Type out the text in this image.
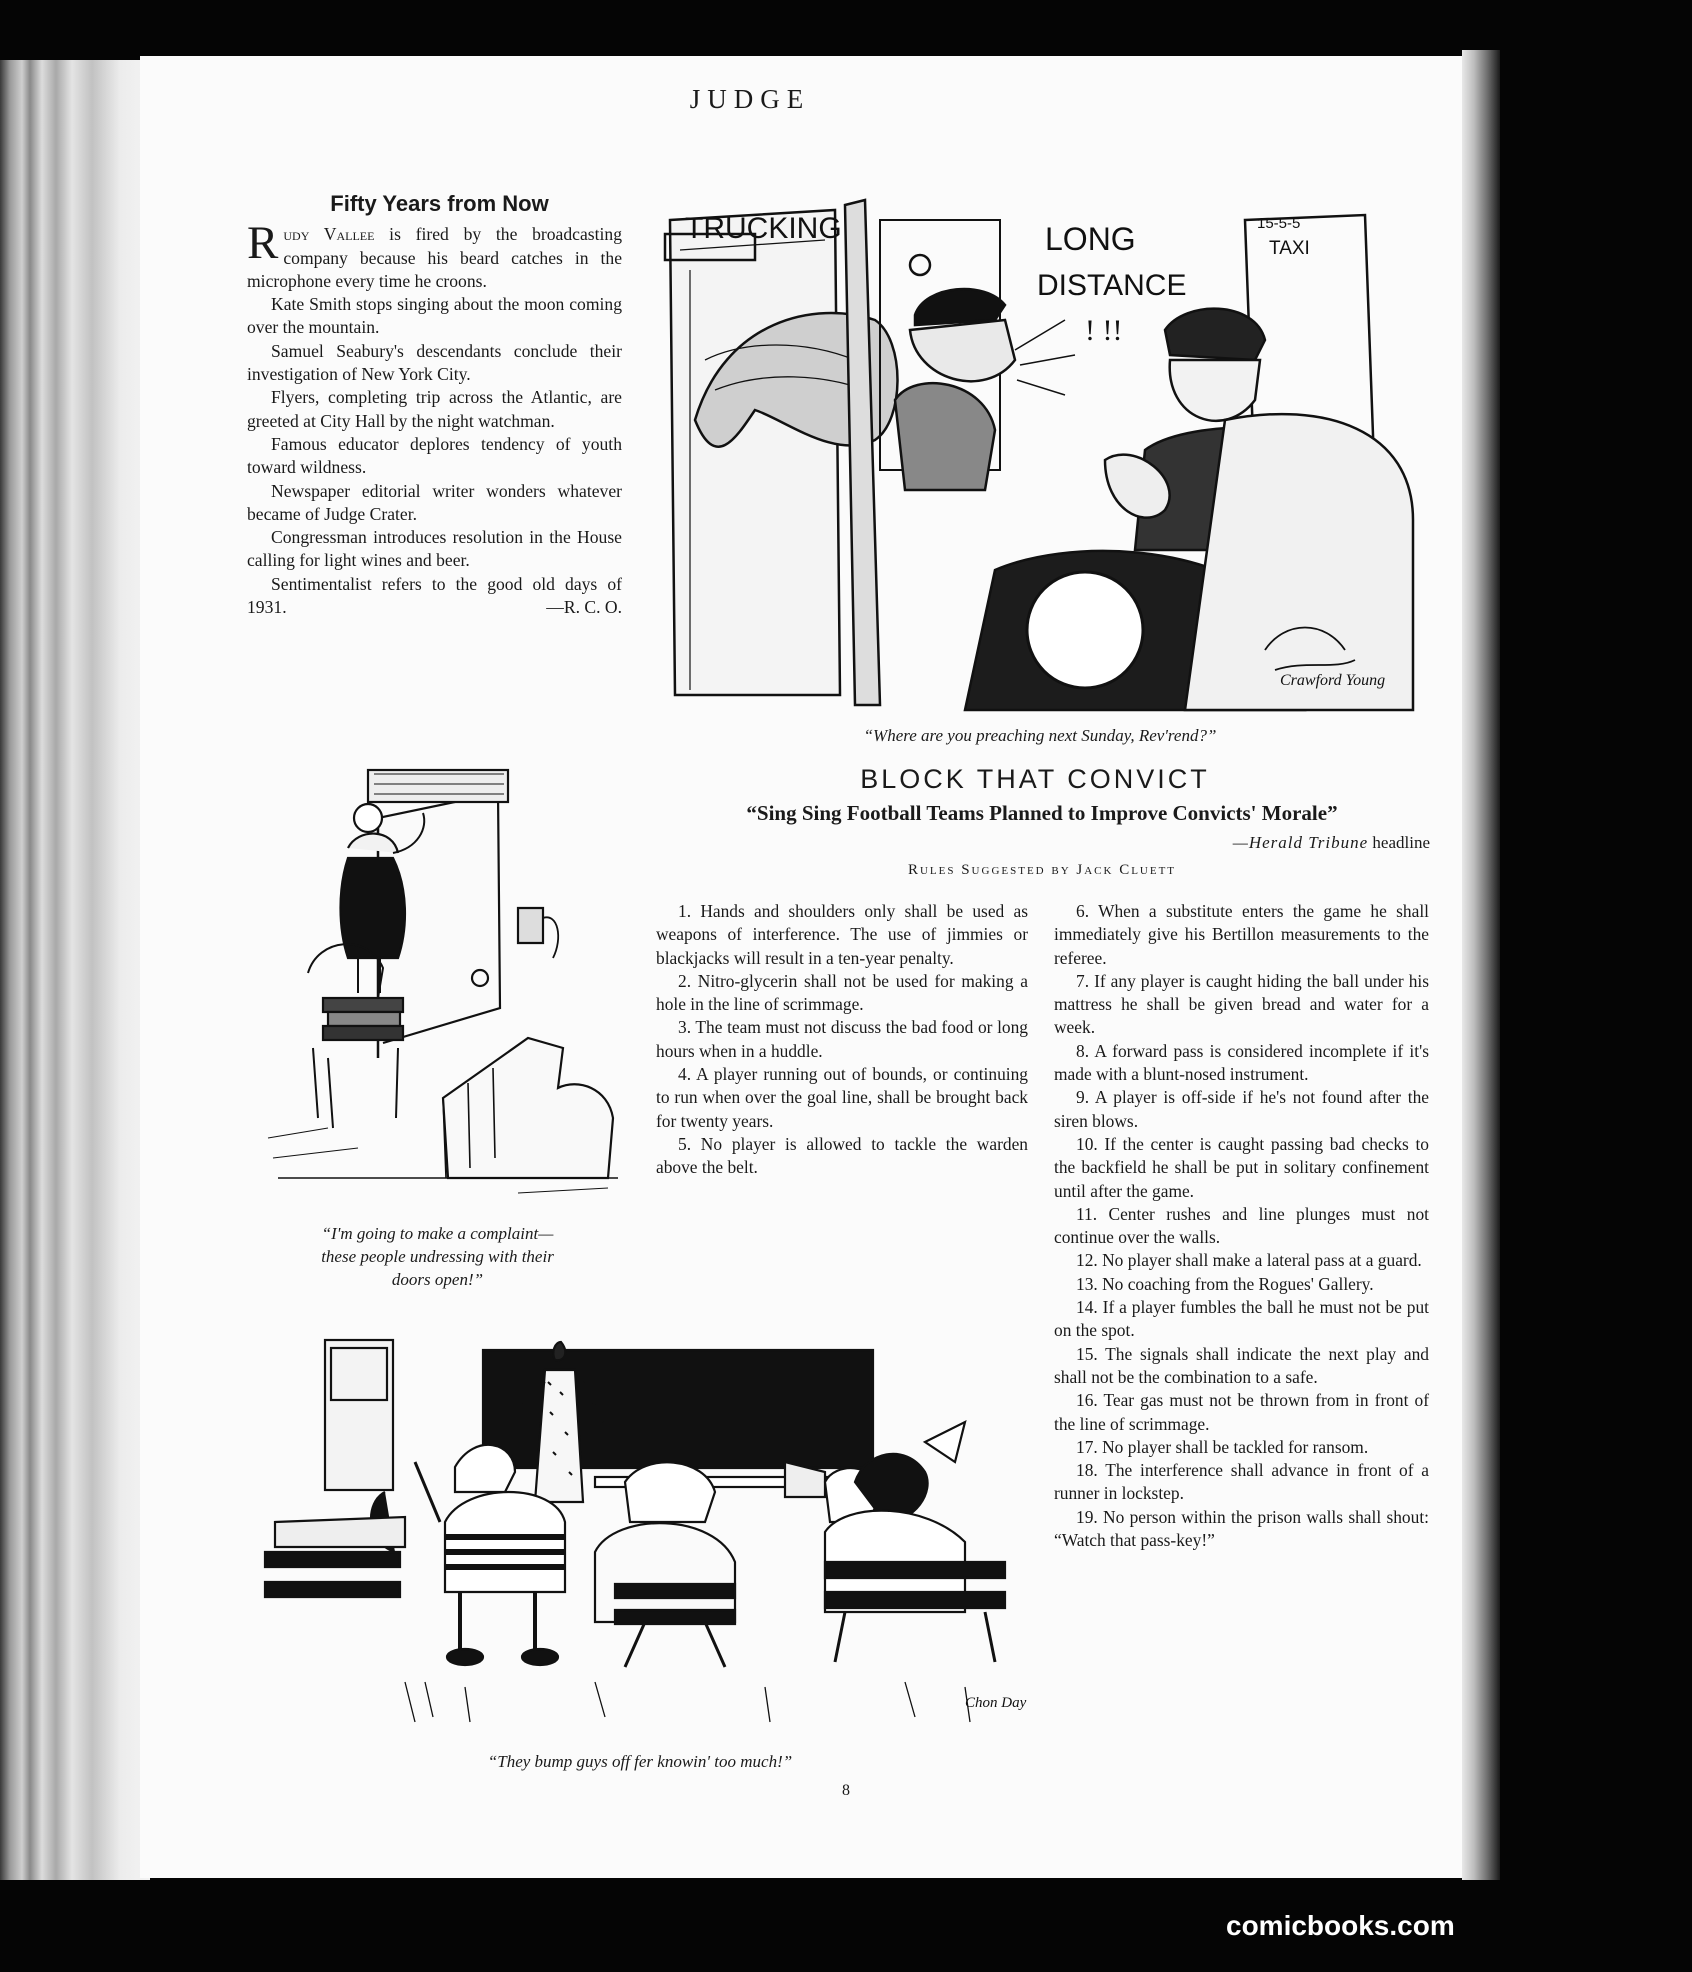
JUDGE
Fifty Years from Now

Rudy Vallee is fired by the broadcasting company because his beard catches in the microphone every time he croons.

Kate Smith stops singing about the moon coming over the mountain.

Samuel Seabury's descendants conclude their investigation of New York City.

Flyers, completing trip across the Atlantic, are greeted at City Hall by the night watchman.

Famous educator deplores tendency of youth toward wildness.

Newspaper editorial writer wonders whatever became of Judge Crater.

Congressman introduces resolution in the House calling for light wines and beer.

Sentimentalist refers to the good old days of 1931.	—R. C. O.

TRUCKING	LONG
DISTANCE
! !!
TAXI
15-5-5
Crawford Young
“Where are you preaching next Sunday, Rev'rend?”
“I'm going to make a complaint—
these people undressing with their
doors open!”
Chon Day
“They bump guys off fer knowin' too much!”
BLOCK THAT CONVICT
“Sing Sing Football Teams Planned to Improve Convicts' Morale”
—Herald Tribune headline
Rules Suggested by Jack Cluett

1. Hands and shoulders only shall be used as weapons of interference. The use of jimmies or blackjacks will result in a ten-year penalty.

2. Nitro-glycerin shall not be used for making a hole in the line of scrimmage.

3. The team must not discuss the bad food or long hours when in a huddle.

4. A player running out of bounds, or continuing to run when over the goal line, shall be brought back for twenty years.

5. No player is allowed to tackle the warden above the belt.

6. When a substitute enters the game he shall immediately give his Bertillon measurements to the referee.

7. If any player is caught hiding the ball under his mattress he shall be given bread and water for a week.

8. A forward pass is considered incomplete if it's made with a blunt-nosed instrument.

9. A player is off-side if he's not found after the siren blows.

10. If the center is caught passing bad checks to the backfield he shall be put in solitary confinement until after the game.

11. Center rushes and line plunges must not continue over the walls.

12. No player shall make a lateral pass at a guard.

13. No coaching from the Rogues' Gallery.

14. If a player fumbles the ball he must not be put on the spot.

15. The signals shall indicate the next play and shall not be the combination to a safe.

16. Tear gas must not be thrown from in front of the line of scrimmage.

17. No player shall be tackled for ransom.

18. The interference shall advance in front of a runner in lockstep.

19. No person within the prison walls shall shout: “Watch that pass-key!”

8
comicbooks.com
